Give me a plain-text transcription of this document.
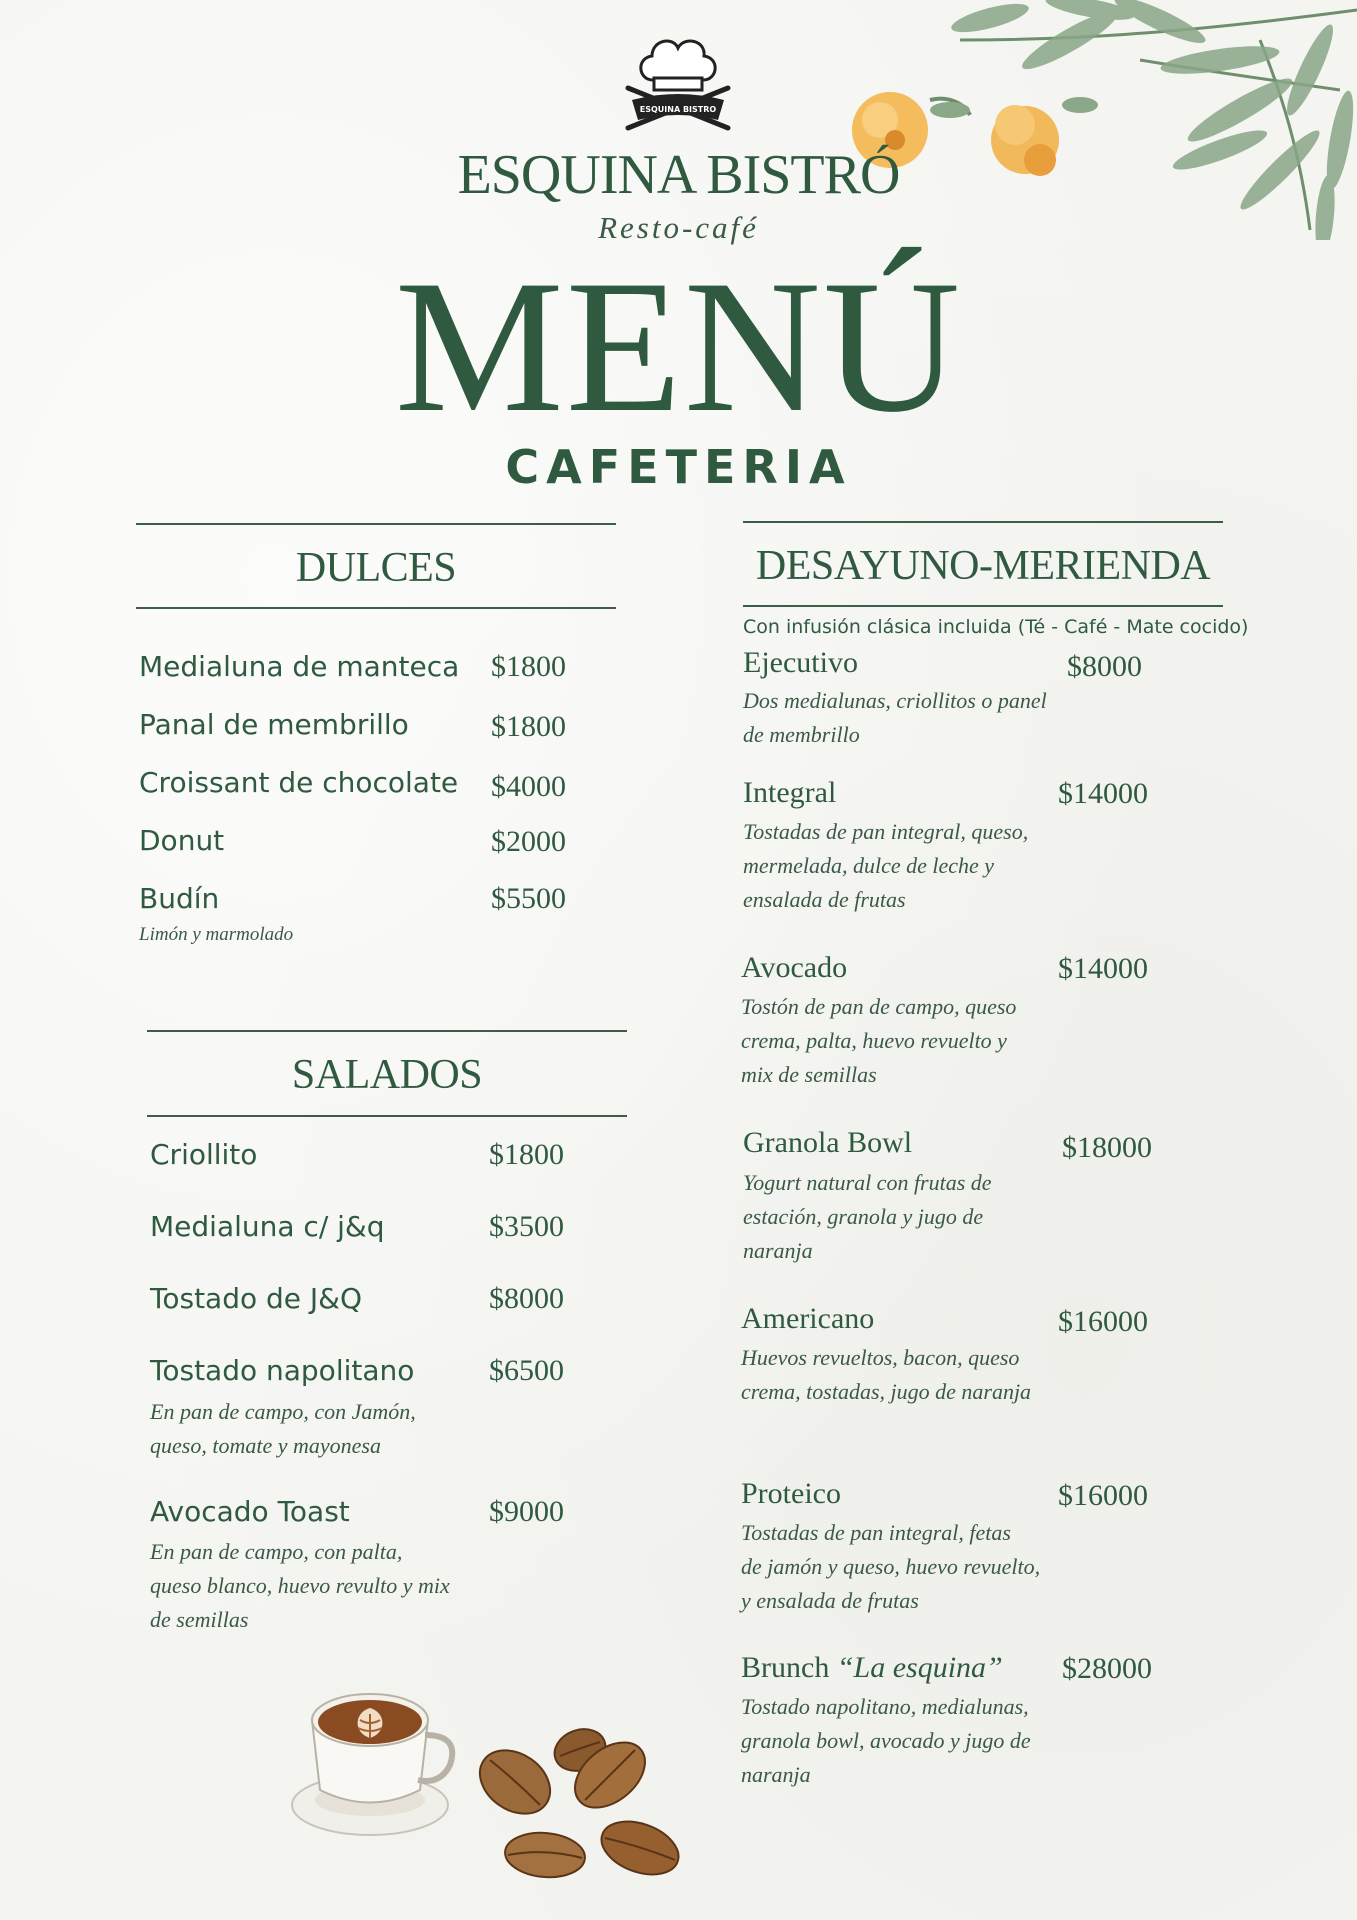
ESQUINA BISTRO
ESQUINA BISTRÓ
Resto-café
MENÚ
CAFETERIA
DULCES
Medialuna de manteca $1800
Panal de membrillo	$1800
Croissant de chocolate $4000
Donut	$2000
Budín	$5500
Limón y marmolado
SALADOS
Criollito	$1800
Medialuna c/ j&q	$3500
Tostado de J&Q	$8000
Tostado napolitano $6500
En pan de campo, con Jamón,
queso, tomate y mayonesa
Avocado Toast	$9000
En pan de campo, con palta,
queso blanco, huevo revulto y mix
de semillas
DESAYUNO-MERIENDA
Con infusión clásica incluida (Té - Café - Mate cocido)
Ejecutivo	$8000
Dos medialunas, criollitos o panel
de membrillo
Integral	$14000
Tostadas de pan integral, queso,
mermelada, dulce de leche y
ensalada de frutas
Avocado	$14000
Tostón de pan de campo, queso
crema, palta, huevo revuelto y
mix de semillas
Granola Bowl	$18000
Yogurt natural con frutas de
estación, granola y jugo de
naranja
Americano	$16000
Huevos revueltos, bacon, queso
crema, tostadas, jugo de naranja
Proteico	$16000
Tostadas de pan integral, fetas
de jamón y queso, huevo revuelto,
y ensalada de frutas
Brunch “La esquina” $28000
Tostado napolitano, medialunas,
granola bowl, avocado y jugo de
naranja
